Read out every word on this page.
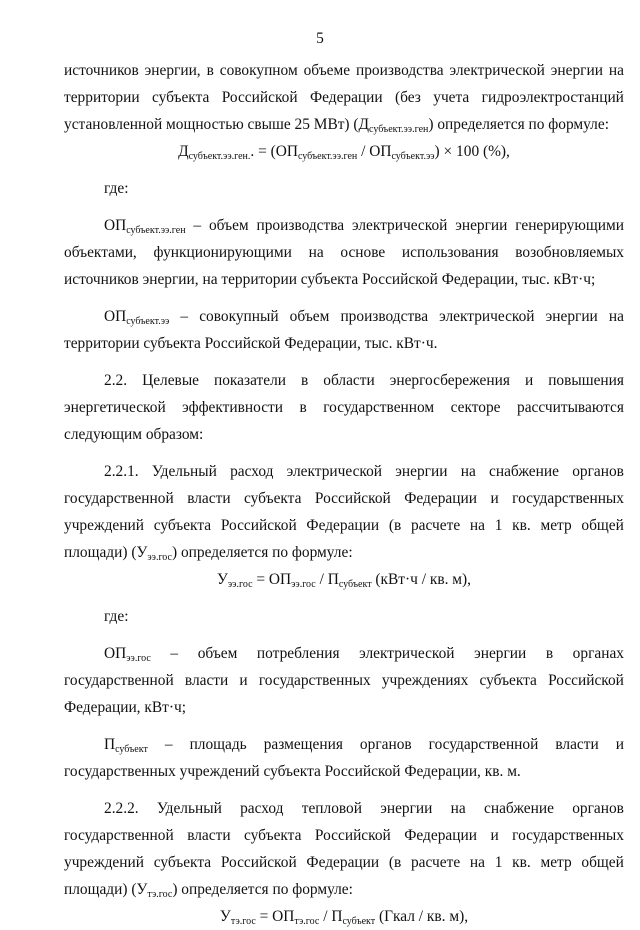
5
источников энергии, в совокупном объеме производства электрической энергии на
территории субъекта Российской Федерации (без учета гидроэлектростанций
установленной мощностью свыше 25 МВт) $(Д_{субъект.ээ.ген})$ определяется по формуле:
$Д_{субъект.ээ.ген.}$. = $(ОП_{субъект.ээ.ген} / ОП_{субъект.ээ}) \times 100$ (%),
где:
$ОП_{субъект.ээ.ген}$ – объем производства электрической энергии генерирующими
объектами, функционирующими на основе использования возобновляемых
источников энергии, на территории субъекта Российской Федерации, тыс. кВт·ч;
$ОП_{субъект.ээ}$ – совокупный объем производства электрической энергии на
территории субъекта Российской Федерации, тыс. кВт·ч.
2.2. Целевые показатели в области энергосбережения и повышения
энергетической эффективности в государственном секторе рассчитываются
следующим образом:
2.2.1. Удельный расход электрической энергии на снабжение органов
государственной власти субъекта Российской Федерации и государственных
учреждений субъекта Российской Федерации (в расчете на 1 кв. метр общей
площади) $(У_{ээ.гос})$ определяется по формуле:
$У_{ээ.гос} = ОП_{ээ.гос} / П_{субъект}$ (кВт·ч / кв. м),
где:
$ОП_{ээ.гос}$ – объем потребления электрической энергии в органах
государственной власти и государственных учреждениях субъекта Российской
Федерации, кВт·ч;
$П_{субъект}$ – площадь размещения органов государственной власти и
государственных учреждений субъекта Российской Федерации, кв. м.
2.2.2. Удельный расход тепловой энергии на снабжение органов
государственной власти субъекта Российской Федерации и государственных
учреждений субъекта Российской Федерации (в расчете на 1 кв. метр общей
площади) $(У_{тэ.гос})$ определяется по формуле:
$У_{тэ.гос} = ОП_{тэ.гос} / П_{субъект}$ (Гкал / кв. м),
